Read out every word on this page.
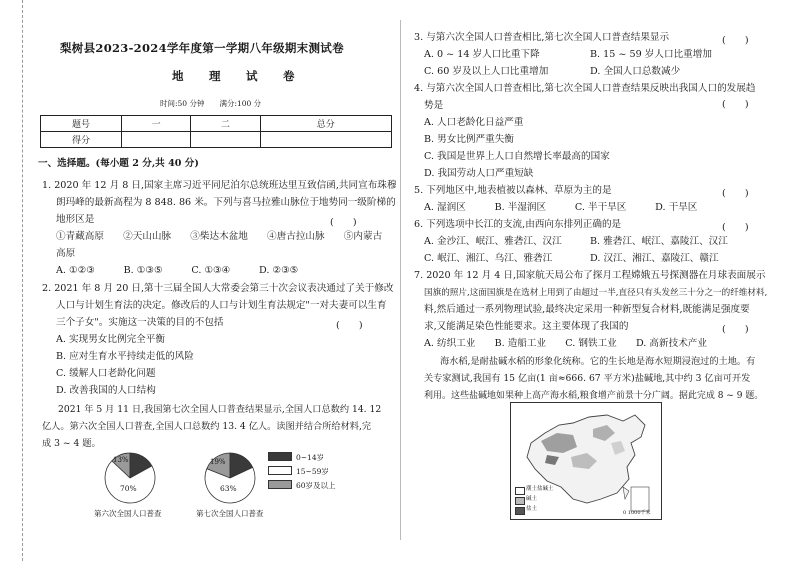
梨树县2023-2024学年度第一学期八年级期末测试卷
地　理　试　卷
时间:50 分钟　　满分:100 分
题号	一	二	总分
得分			
一、选择题。(每小题 2 分,共 40 分)
1. 2020 年 12 月 8 日,国家主席习近平同尼泊尔总统班达里互致信函,共同宣布珠穆
朗玛峰的最新高程为 8 848. 86 米。下列与喜马拉雅山脉位于地势同一级阶梯的
地形区是	(　　)
①青藏高原　　②天山山脉　　③柴达木盆地　　④唐古拉山脉　　⑤内蒙古
高原
A. ①②③　　　B. ①③⑤　　　C. ①③④　　　D. ②③⑤
2. 2021 年 8 月 20 日,第十三届全国人大常委会第三十次会议表决通过了关于修改
人口与计划生育法的决定。修改后的人口与计划生育法规定"一对夫妻可以生育
三个子女"。实施这一决策的目的不包括	(　　)
A. 实现男女比例完全平衡
B. 应对生育水平持续走低的风险
C. 缓解人口老龄化问题
D. 改善我国的人口结构
2021 年 5 月 11 日,我国第七次全国人口普查结果显示,全国人口总数约 14. 12
亿人。第六次全国人口普查,全国人口总数约 13. 4 亿人。读图并结合所给材料,完
成 3 ~ 4 题。
13%
70%
19%
63%
第六次全国人口普查	第七次全国人口普查
0~14岁
15~59岁
60岁及以上
3. 与第六次全国人口普查相比,第七次全国人口普查结果显示	(　　)
A. 0 ~ 14 岁人口比重下降	B. 15 ~ 59 岁人口比重增加
C. 60 岁及以上人口比重增加	D. 全国人口总数减少
4. 与第六次全国人口普查相比,第七次全国人口普查结果反映出我国人口的发展趋
势是	(　　)
A. 人口老龄化日益严重
B. 男女比例严重失衡
C. 我国是世界上人口自然增长率最高的国家
D. 我国劳动人口严重短缺
5. 下列地区中,地表植被以森林、草原为主的是	(　　)
A. 湿润区　　　B. 半湿润区　　　C. 半干旱区　　　D. 干旱区
6. 下列选项中长江的支流,由西向东排列正确的是	(　　)
A. 金沙江、岷江、雅砻江、汉江	B. 雅砻江、岷江、嘉陵江、汉江
C. 岷江、湘江、乌江、雅砻江	D. 汉江、湘江、嘉陵江、赣江
7. 2020 年 12 月 4 日,国家航天局公布了探月工程嫦娥五号探测器在月球表面展示
国旗的照片,这面国旗是在选材上用到了由超过一半,直径只有头发丝三十分之一的纤维材料,
料,然后通过一系列物理试验,最终决定采用一种新型复合材料,既能满足强度要
求,又能满足染色性能要求。这主要体现了我国的	(　　)
A. 纺织工业　　B. 造船工业　　C. 钢铁工业　　D. 高新技术产业
海水稻,是耐盐碱水稻的形象化统称。它的生长地是海水短期浸泡过的土地。有
关专家测试,我国有 15 亿亩(1 亩≈666. 67 平方米)盐碱地,其中约 3 亿亩可开发
利用。这些盐碱地如果种上高产海水稻,粮食增产前景十分广阔。据此完成 8 ~ 9 题。
潮土盐碱土
碱土
盐土
0 1000千米
